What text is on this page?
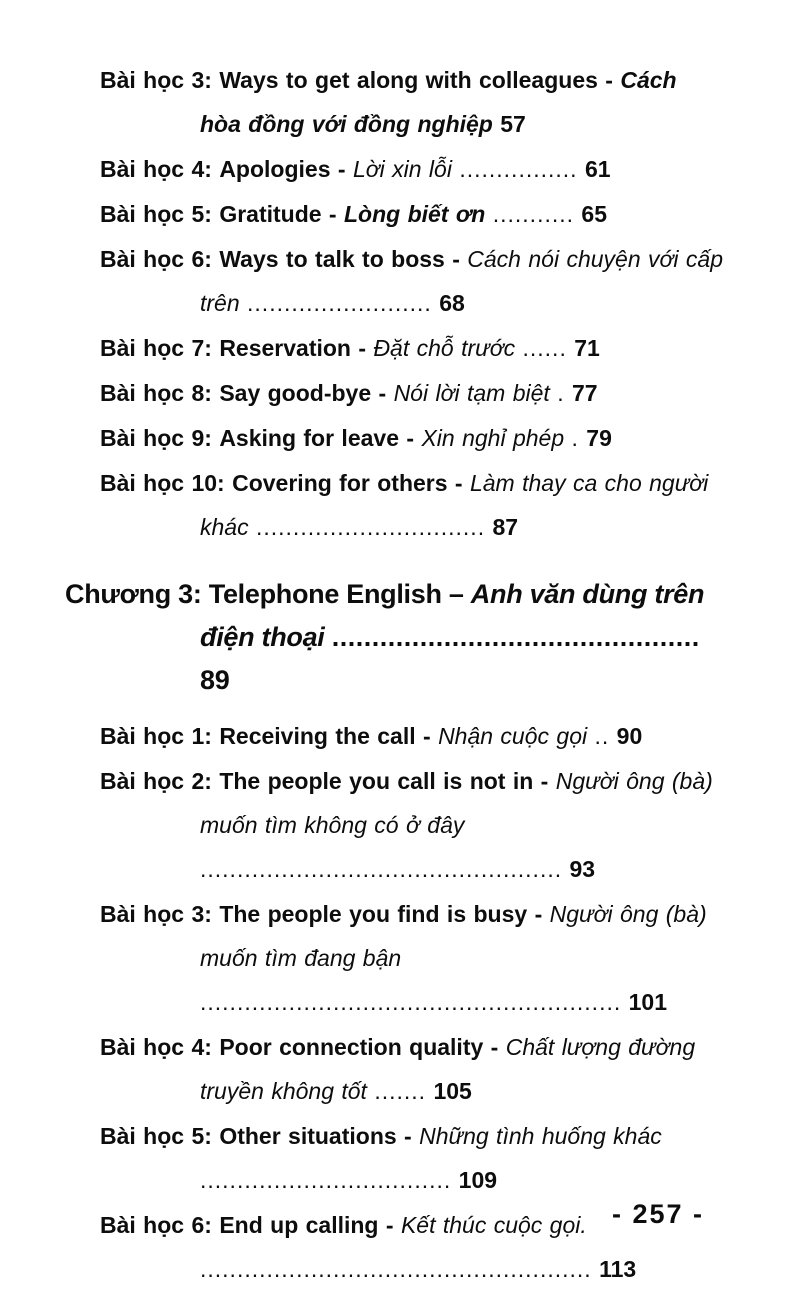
Bài học 3: Ways to get along with colleagues - Cách hòa đồng với đồng nghiệp 57

Bài học 4: Apologies - Lời xin lỗi ................ 61

Bài học 5: Gratitude - Lòng biết ơn ........... 65

Bài học 6: Ways to talk to boss - Cách nói chuyện với cấp trên ......................... 68

Bài học 7: Reservation - Đặt chỗ trước ...... 71

Bài học 8: Say good-bye - Nói lời tạm biệt . 77

Bài học 9: Asking for leave - Xin nghỉ phép . 79

Bài học 10: Covering for others - Làm thay ca cho người khác ............................... 87

Chương 3: Telephone English – Anh văn dùng trên điện thoại .............................................. 89

Bài học 1: Receiving the call - Nhận cuộc gọi .. 90

Bài học 2: The people you call is not in - Người ông (bà) muốn tìm không có ở đây ................................................. 93

Bài học 3: The people you find is busy - Người ông (bà) muốn tìm đang bận ......................................................... 101

Bài học 4: Poor connection quality - Chất lượng đường truyền không tốt ....... 105

Bài học 5: Other situations - Những tình huống khác .................................. 109

Bài học 6: End up calling - Kết thúc cuộc gọi. ..................................................... 113

- 257 -
